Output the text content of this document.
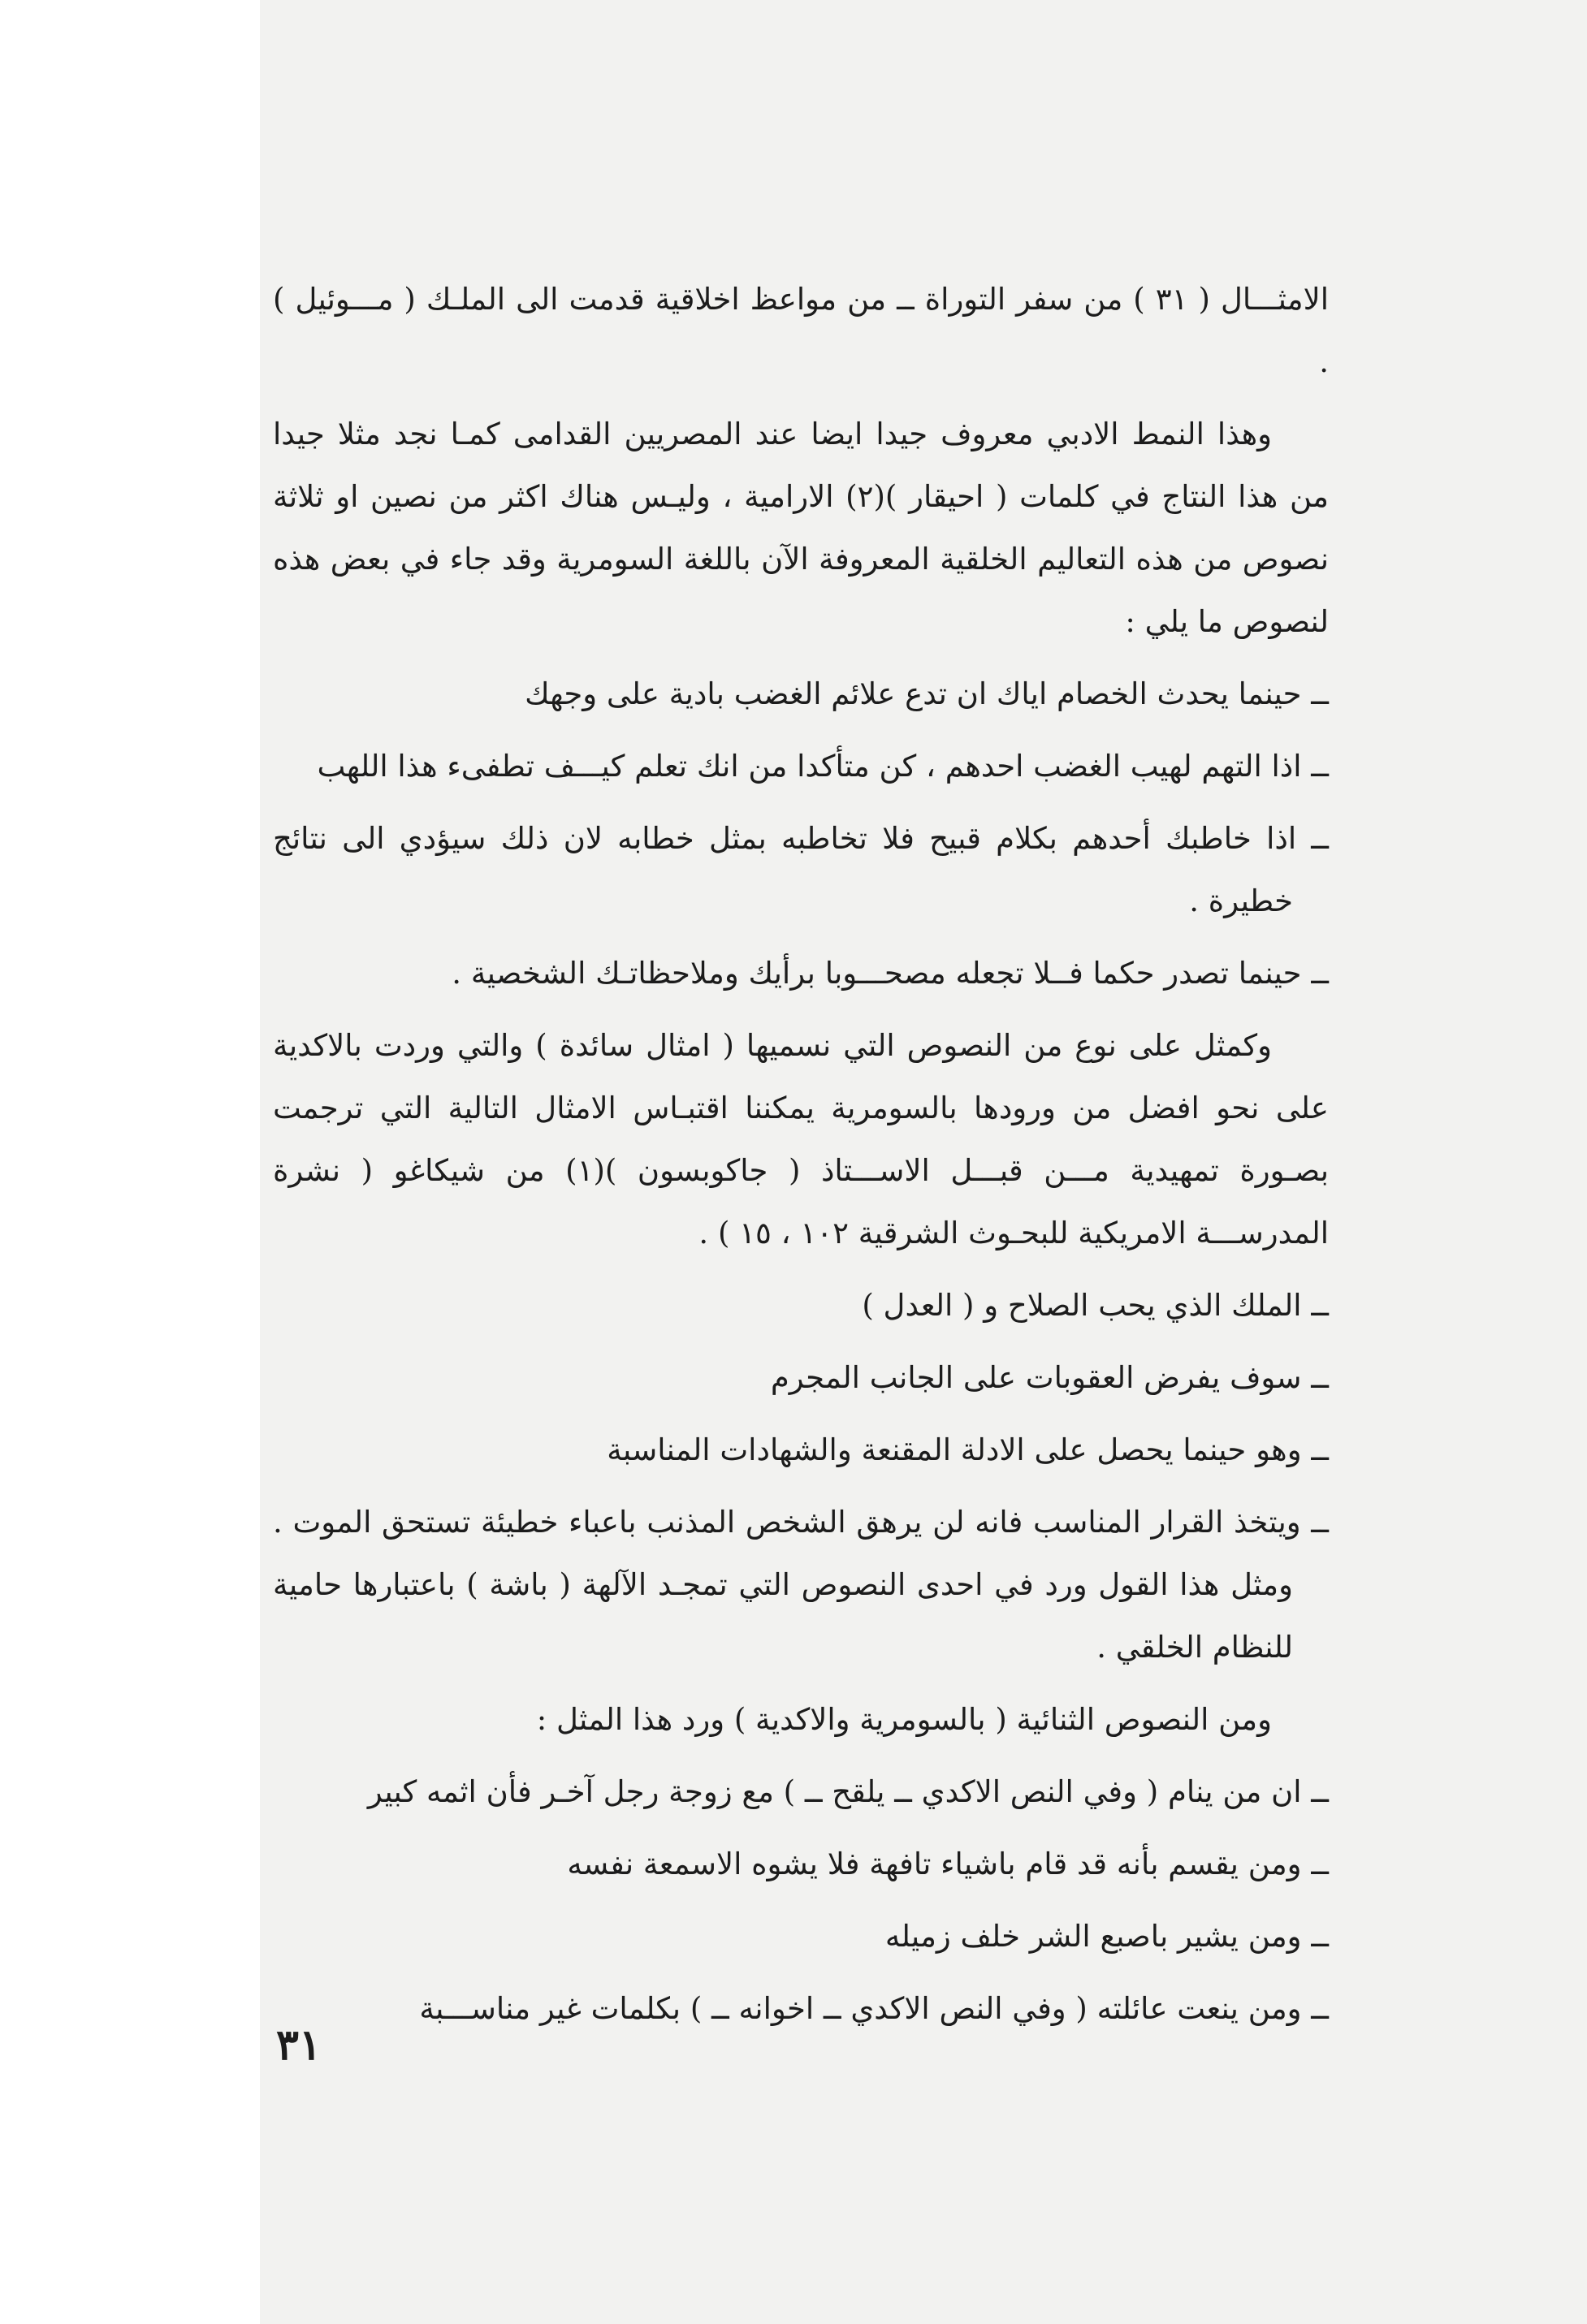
الامثـــال ( ٣١ ) من سفر التوراة ــ من مواعظ اخلاقية قدمت الى الملـك ( مـــوئيل ) .

وهذا النمط الادبي معروف جيدا ايضا عند المصريين القدامى كمـا نجد مثلا جيدا من هذا النتاج في كلمات ( احيقار )(٢) الارامية ، وليـس هناك اكثر من نصين او ثلاثة نصوص من هذه التعاليم الخلقية المعروفة الآن باللغة السومرية وقد جاء في بعض هذه لنصوص ما يلي :

ــ حينما يحدث الخصام اياك ان تدع علائم الغضب بادية على وجهك

ــ اذا التهم لهيب الغضب احدهم ، كن متأكدا من انك تعلم كيـــف تطفىء هذا اللهب

ــ اذا خاطبك أحدهم بكلام قبيح فلا تخاطبه بمثل خطابه لان ذلك سيؤدي الى نتائج خطيرة .

ــ حينما تصدر حكما فــلا تجعله مصحـــوبا برأيك وملاحظاتـك الشخصية .

وكمثل على نوع من النصوص التي نسميها ( امثال سائدة ) والتي وردت بالاكدية على نحو افضل من ورودها بالسومرية يمكننا اقتبـاس الامثال التالية التي ترجمت بصـورة تمهيدية مـــن قبـــل الاســـتاذ ( جاكوبسون )(١) من شيكاغو ( نشرة المدرســـة الامريكية للبحـوث الشرقية ١٠٢ ، ١٥ ) .

ــ الملك الذي يحب الصلاح و ( العدل )

ــ سوف يفرض العقوبات على الجانب المجرم

ــ وهو حينما يحصل على الادلة المقنعة والشهادات المناسبة

ــ ويتخذ القرار المناسب فانه لن يرهق الشخص المذنب باعباء خطيئة تستحق الموت . ومثل هذا القول ورد في احدى النصوص التي تمجـد الآلهة ( باشة ) باعتبارها حامية للنظام الخلقي .

ومن النصوص الثنائية ( بالسومرية والاكدية ) ورد هذا المثل :

ــ ان من ينام ( وفي النص الاكدي ــ يلقح ــ ) مع زوجة رجل آخـر فأن اثمه كبير

ــ ومن يقسم بأنه قد قام باشياء تافهة فلا يشوه الاسمعة نفسه

ــ ومن يشير باصبع الشر خلف زميله

ــ ومن ينعت عائلته ( وفي النص الاكدي ــ اخوانه ــ ) بكلمات غير مناســـبة

٣١
